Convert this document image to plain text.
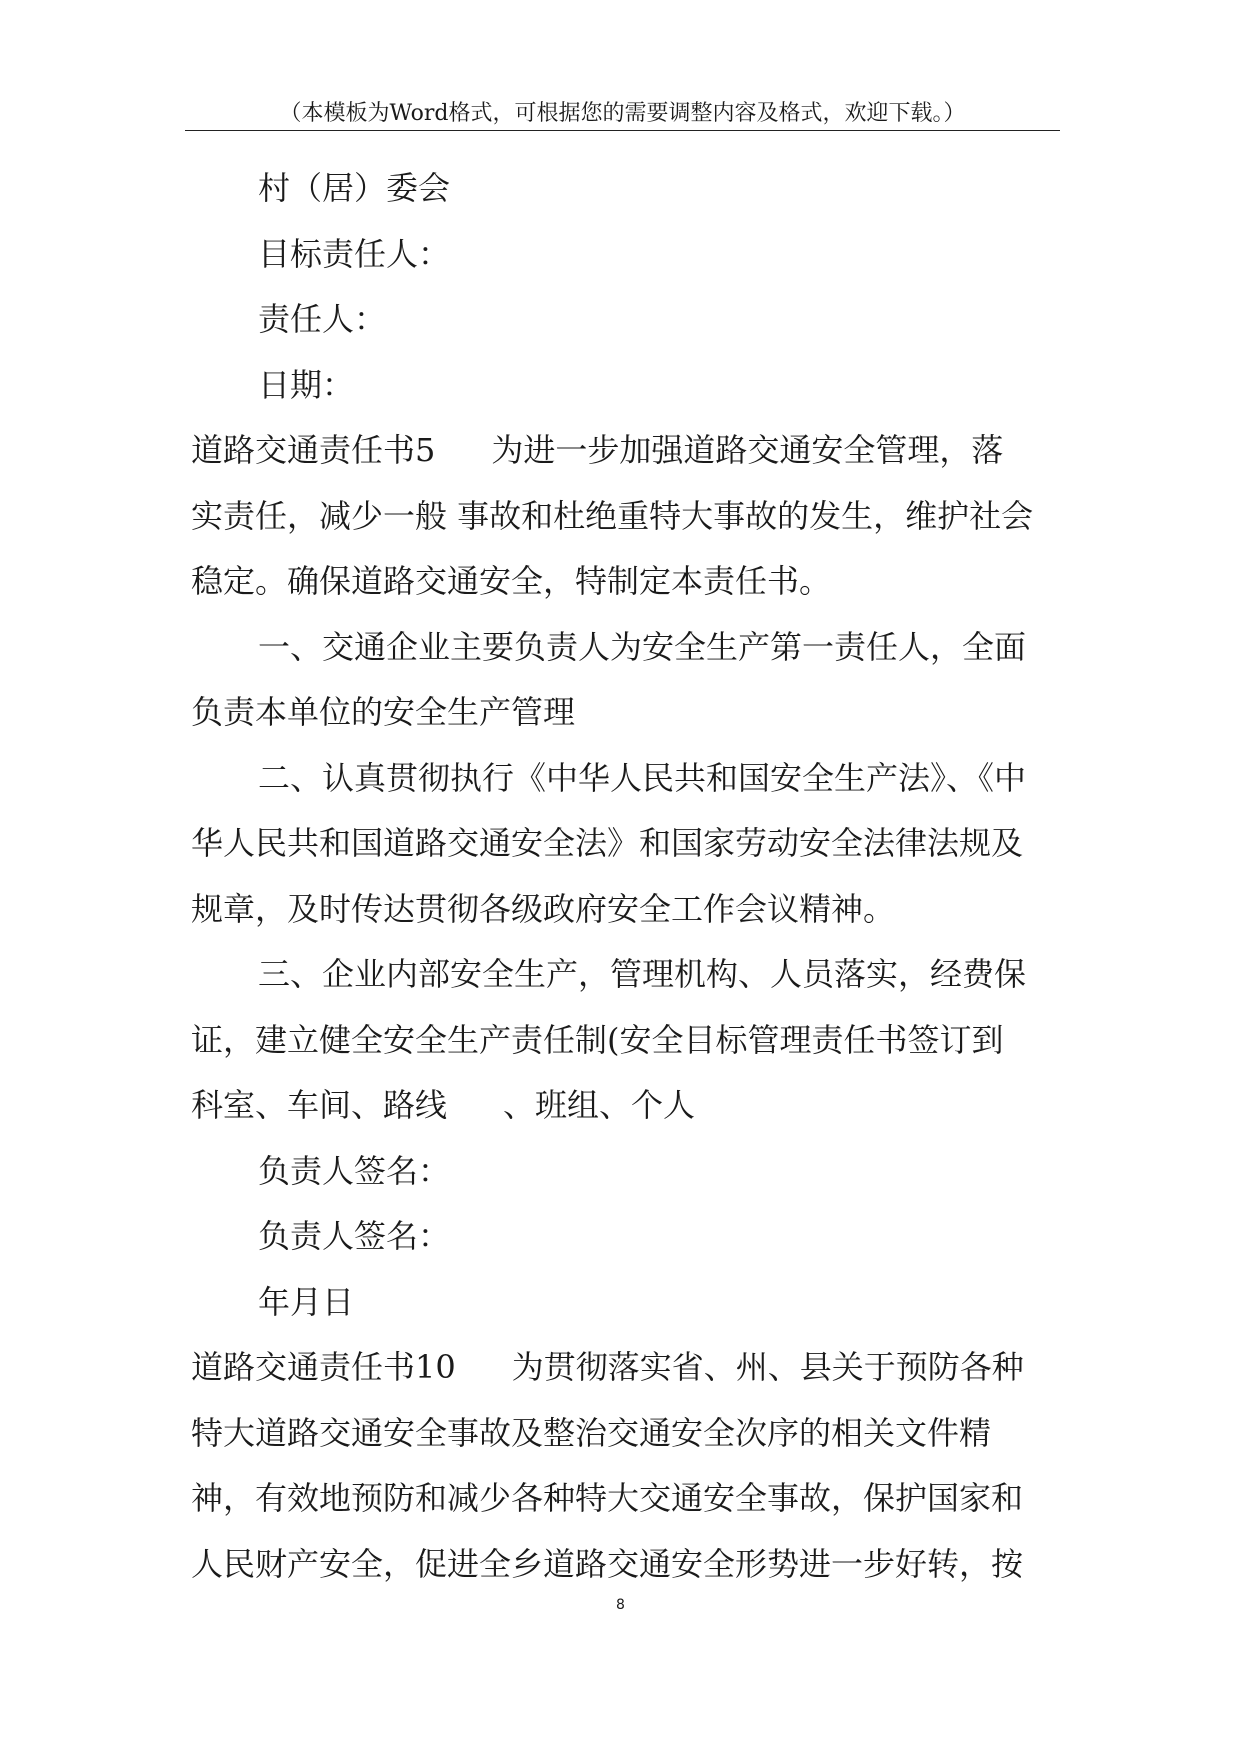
（本模板为Word格式，可根据您的需要调整内容及格式，欢迎下载。）

村（居）委会

目标责任人：

责任人：

日期：

道路交通责任书5 为进一步加强道路交通安全管理，落

实责任，减少一般 事故和杜绝重特大事故的发生，维护社会

稳定。确保道路交通安全，特制定本责任书。

一、交通企业主要负责人为安全生产第一责任人，全面

负责本单位的安全生产管理

二、认真贯彻执行《中华人民共和国安全生产法》、《中

华人民共和国道路交通安全法》和国家劳动安全法律法规及

规章，及时传达贯彻各级政府安全工作会议精神。

三、企业内部安全生产，管理机构、人员落实，经费保

证，建立健全安全生产责任制(安全目标管理责任书签订到

科室、车间、路线 、班组、个人

负责人签名：

负责人签名：

年月日

道路交通责任书10 为贯彻落实省、州、县关于预防各种

特大道路交通安全事故及整治交通安全次序的相关文件精

神，有效地预防和减少各种特大交通安全事故，保护国家和

人民财产安全，促进全乡道路交通安全形势进一步好转，按

8
